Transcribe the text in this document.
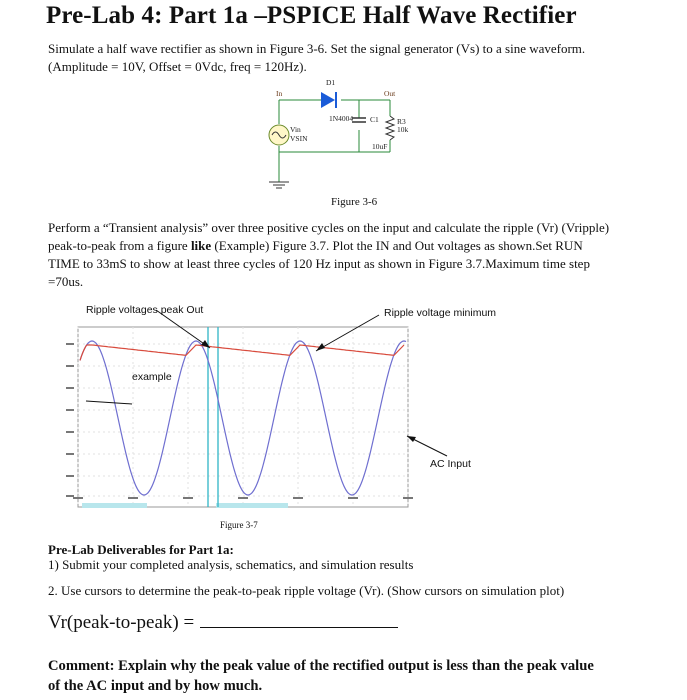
Pre-Lab 4: Part 1a –PSPICE Half Wave Rectifier
Simulate a half wave rectifier as shown in Figure 3-6. Set the signal generator (Vs) to a sine waveform.
(Amplitude = 10V, Offset = 0Vdc, freq = 120Hz).
D1
In	Out
1N4004
Vin
VSIN
C1 R3
10k
10uF
Figure 3-6
Perform a “Transient analysis” over three positive cycles on the input and calculate the ripple (Vr) (Vripple)
peak-to-peak from a figure like (Example) Figure 3.7. Plot the IN and Out voltages as shown.Set RUN
TIME to 33mS to show at least three cycles of 120 Hz input as shown in Figure 3.7.Maximum time step
=70us.
Ripple voltages peak Out	Ripple voltage minimum
example
AC Input
Figure 3-7
Pre-Lab Deliverables for Part 1a:
1) Submit your completed analysis, schematics, and simulation results
2. Use cursors to determine the peak-to-peak ripple voltage (Vr). (Show cursors on simulation plot)
Vr(peak-to-peak) =
Comment: Explain why the peak value of the rectified output is less than the peak value
of the AC input and by how much.
